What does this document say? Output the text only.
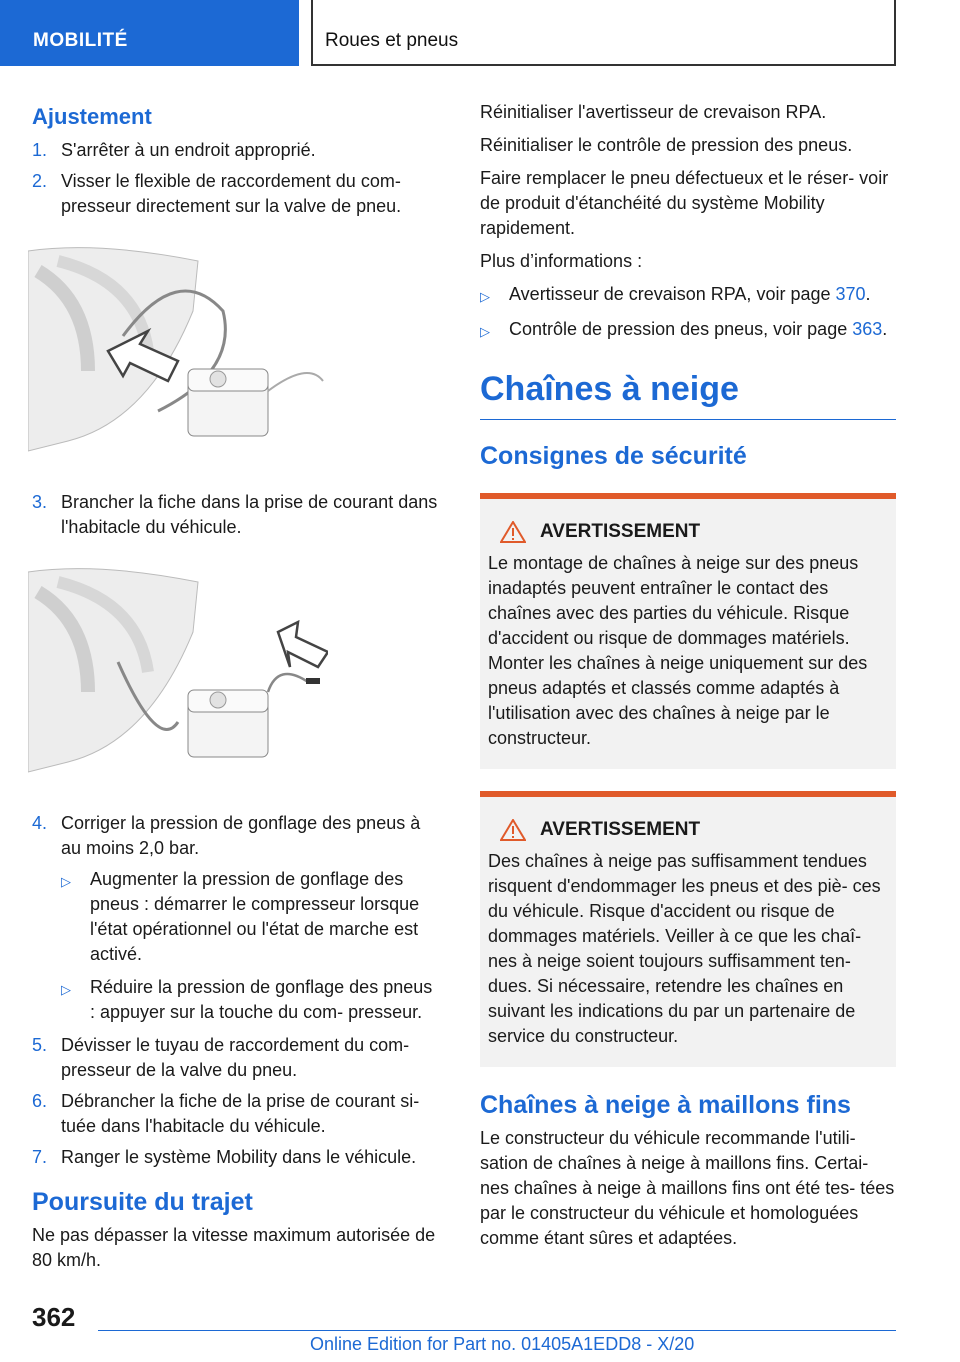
MOBILITÉ	Roues et pneus
Ajustement
1. S'arrêter à un endroit approprié.
2. Visser le flexible de raccordement du com- presseur directement sur la valve de pneu.
3. Brancher la fiche dans la prise de courant dans l'habitacle du véhicule.
4. Corriger la pression de gonflage des pneus à au moins 2,0 bar.
▷	Augmenter la pression de gonflage des pneus : démarrer le compresseur lorsque l'état opérationnel ou l'état de marche est activé.
▷	Réduire la pression de gonflage des pneus : appuyer sur la touche du com- presseur.
5. Dévisser le tuyau de raccordement du com- presseur de la valve du pneu.
6. Débrancher la fiche de la prise de courant si- tuée dans l'habitacle du véhicule.
7. Ranger le système Mobility dans le véhicule.
Poursuite du trajet
Ne pas dépasser la vitesse maximum autorisée de 80 km/h.
Réinitialiser l'avertisseur de crevaison RPA.
Réinitialiser le contrôle de pression des pneus.
Faire remplacer le pneu défectueux et le réser- voir de produit d'étanchéité du système Mobility rapidement.
Plus d’informations :
▷	Avertisseur de crevaison RPA, voir page 370.
▷	Contrôle de pression des pneus, voir page 363.
Chaînes à neige
Consignes de sécurité
AVERTISSEMENT
Le montage de chaînes à neige sur des pneus inadaptés peuvent entraîner le contact des chaînes avec des parties du véhicule. Risque d'accident ou risque de dommages matériels. Monter les chaînes à neige uniquement sur des pneus adaptés et classés comme adaptés à l'utilisation avec des chaînes à neige par le constructeur.
AVERTISSEMENT
Des chaînes à neige pas suffisamment tendues risquent d'endommager les pneus et des piè- ces du véhicule. Risque d'accident ou risque de dommages matériels. Veiller à ce que les chaî- nes à neige soient toujours suffisamment ten- dues. Si nécessaire, retendre les chaînes en suivant les indications du par un partenaire de service du constructeur.
Chaînes à neige à maillons fins
Le constructeur du véhicule recommande l'utili- sation de chaînes à neige à maillons fins. Certai- nes chaînes à neige à maillons fins ont été tes- tées par le constructeur du véhicule et homologuées comme étant sûres et adaptées.
362
Online Edition for Part no. 01405A1EDD8 - X/20
